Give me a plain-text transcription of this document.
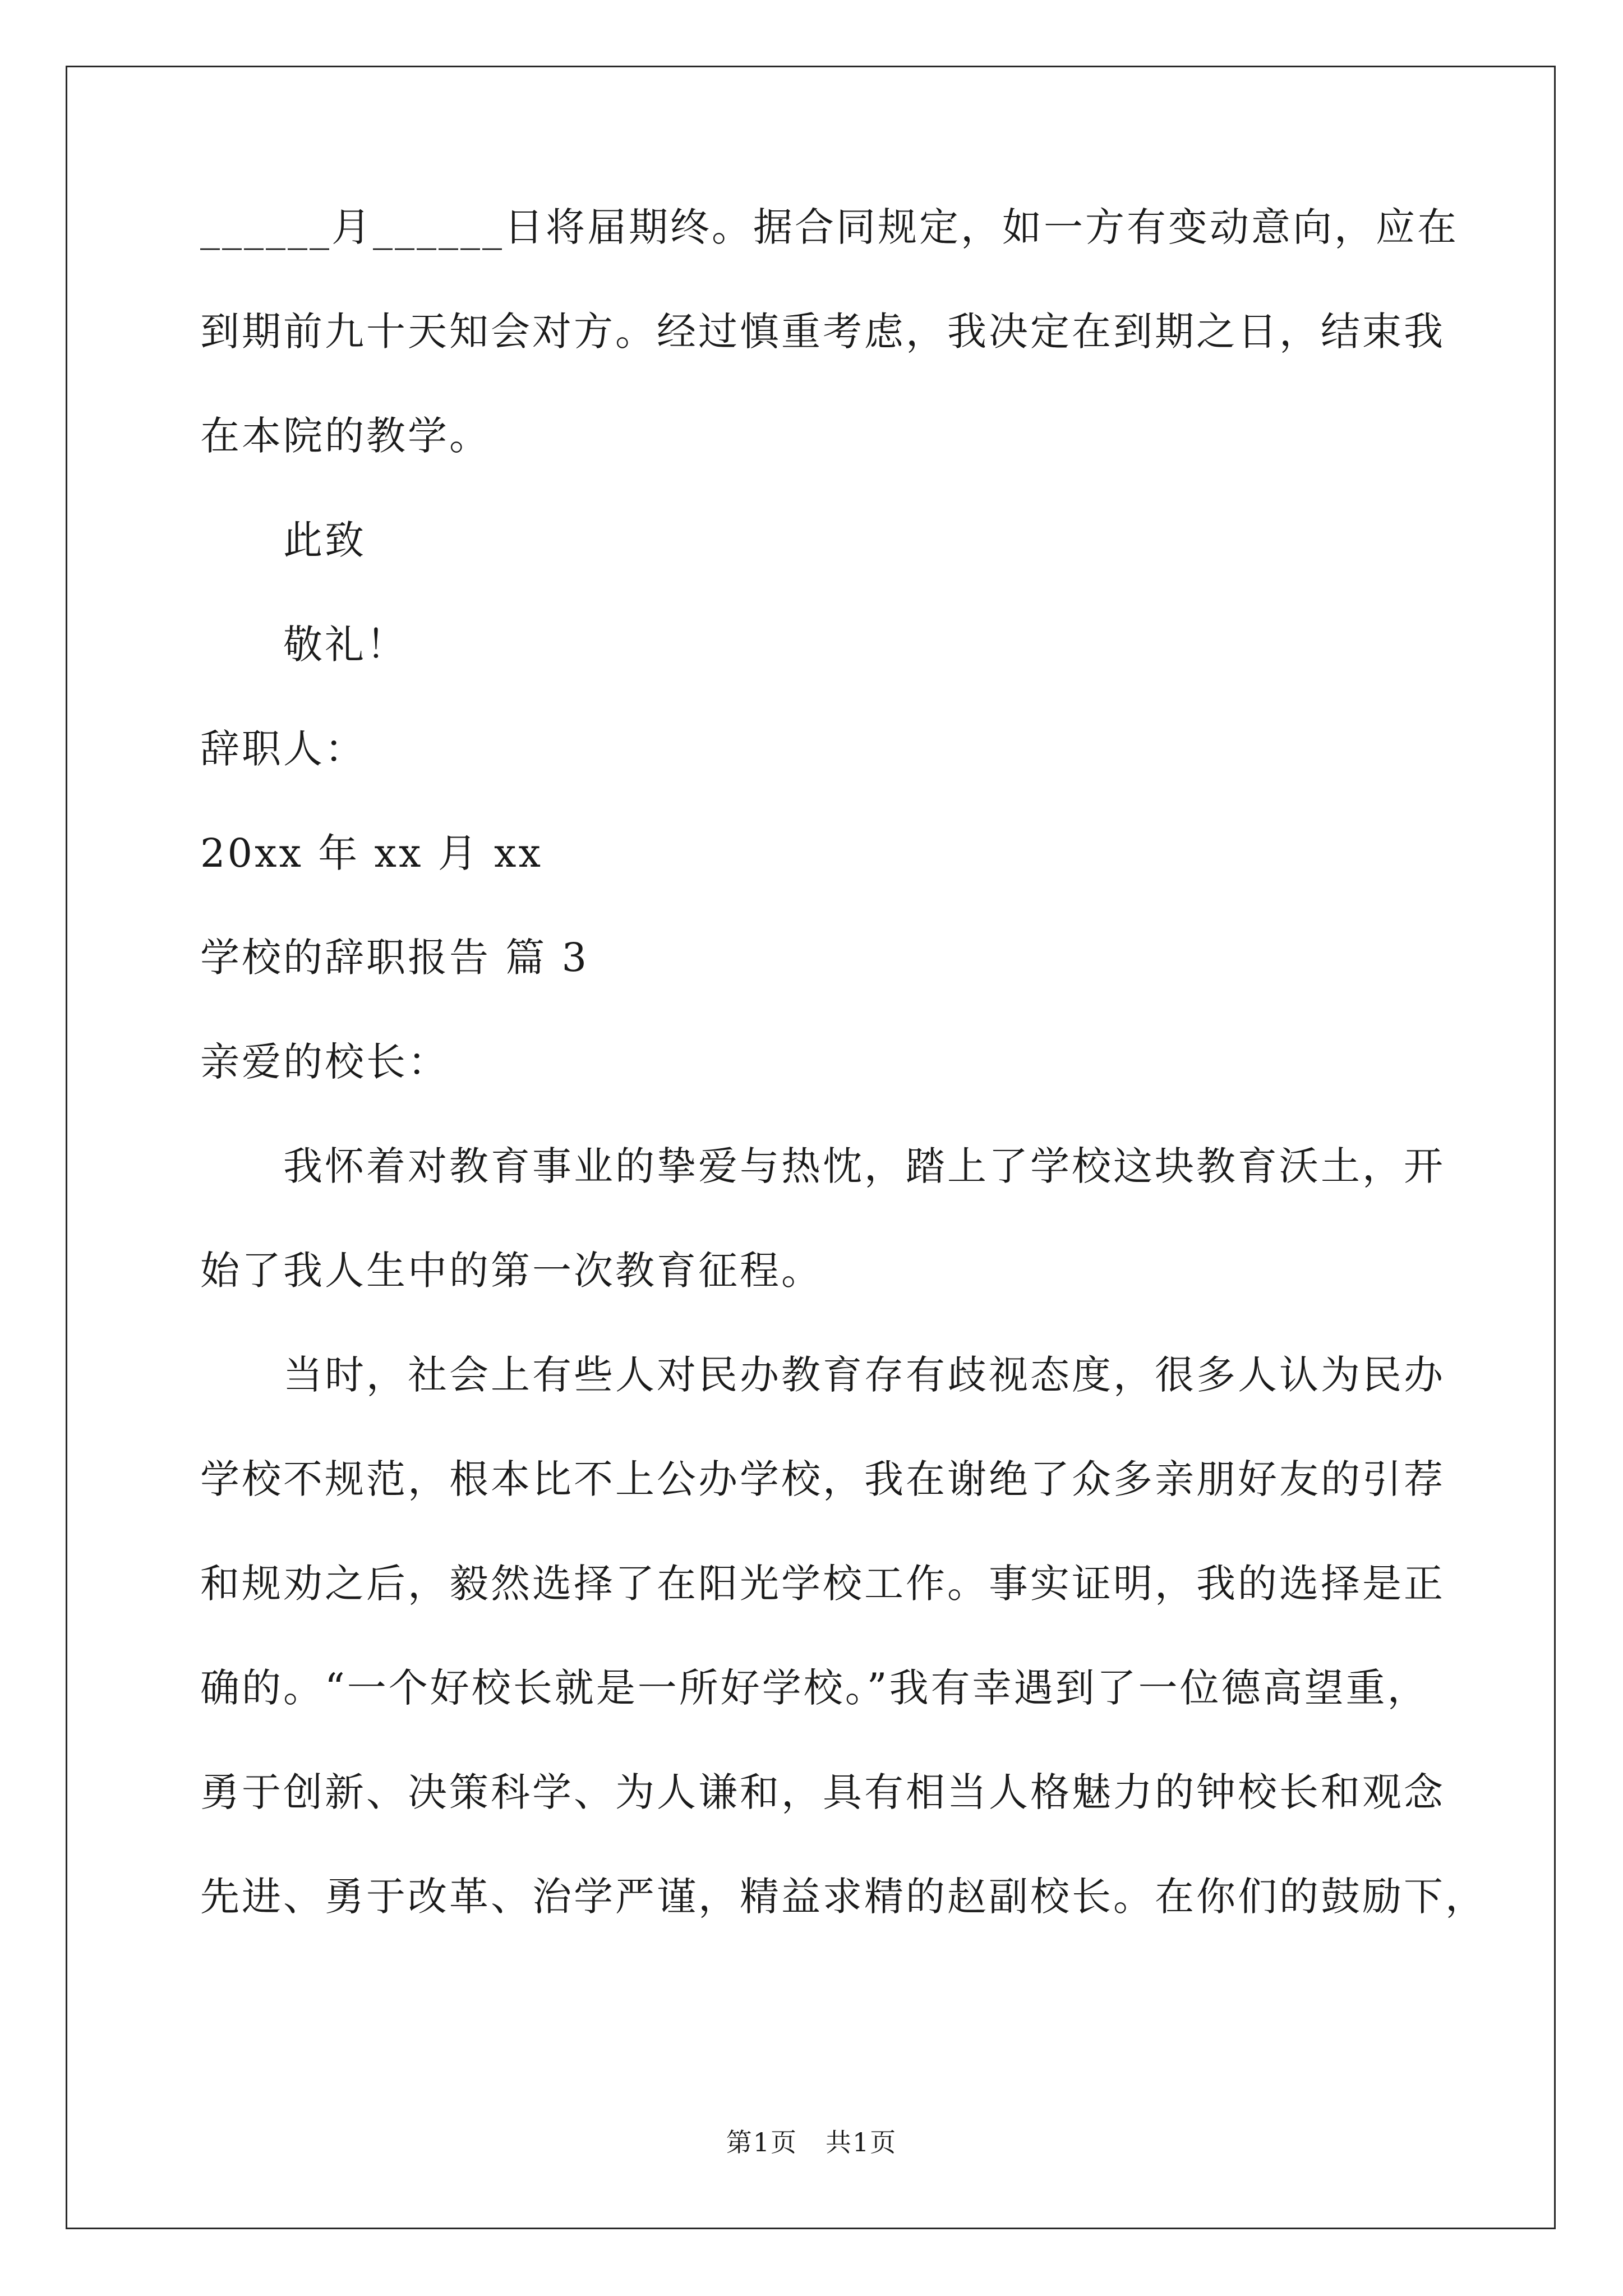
______月______日将届期终。据合同规定，如一方有变动意向，应在
到期前九十天知会对方。经过慎重考虑，我决定在到期之日，结束我
在本院的教学。
此致
敬礼！
辞职人：
20xx 年 xx 月 xx
学校的辞职报告 篇 3
亲爱的校长：
我怀着对教育事业的挚爱与热忱，踏上了学校这块教育沃土，开
始了我人生中的第一次教育征程。
当时，社会上有些人对民办教育存有歧视态度，很多人认为民办
学校不规范，根本比不上公办学校，我在谢绝了众多亲朋好友的引荐
和规劝之后，毅然选择了在阳光学校工作。事实证明，我的选择是正
确的。“一个好校长就是一所好学校。”我有幸遇到了一位德高望重，
勇于创新、决策科学、为人谦和，具有相当人格魅力的钟校长和观念
先进、勇于改革、治学严谨，精益求精的赵副校长。在你们的鼓励下，
第1页 共1页
